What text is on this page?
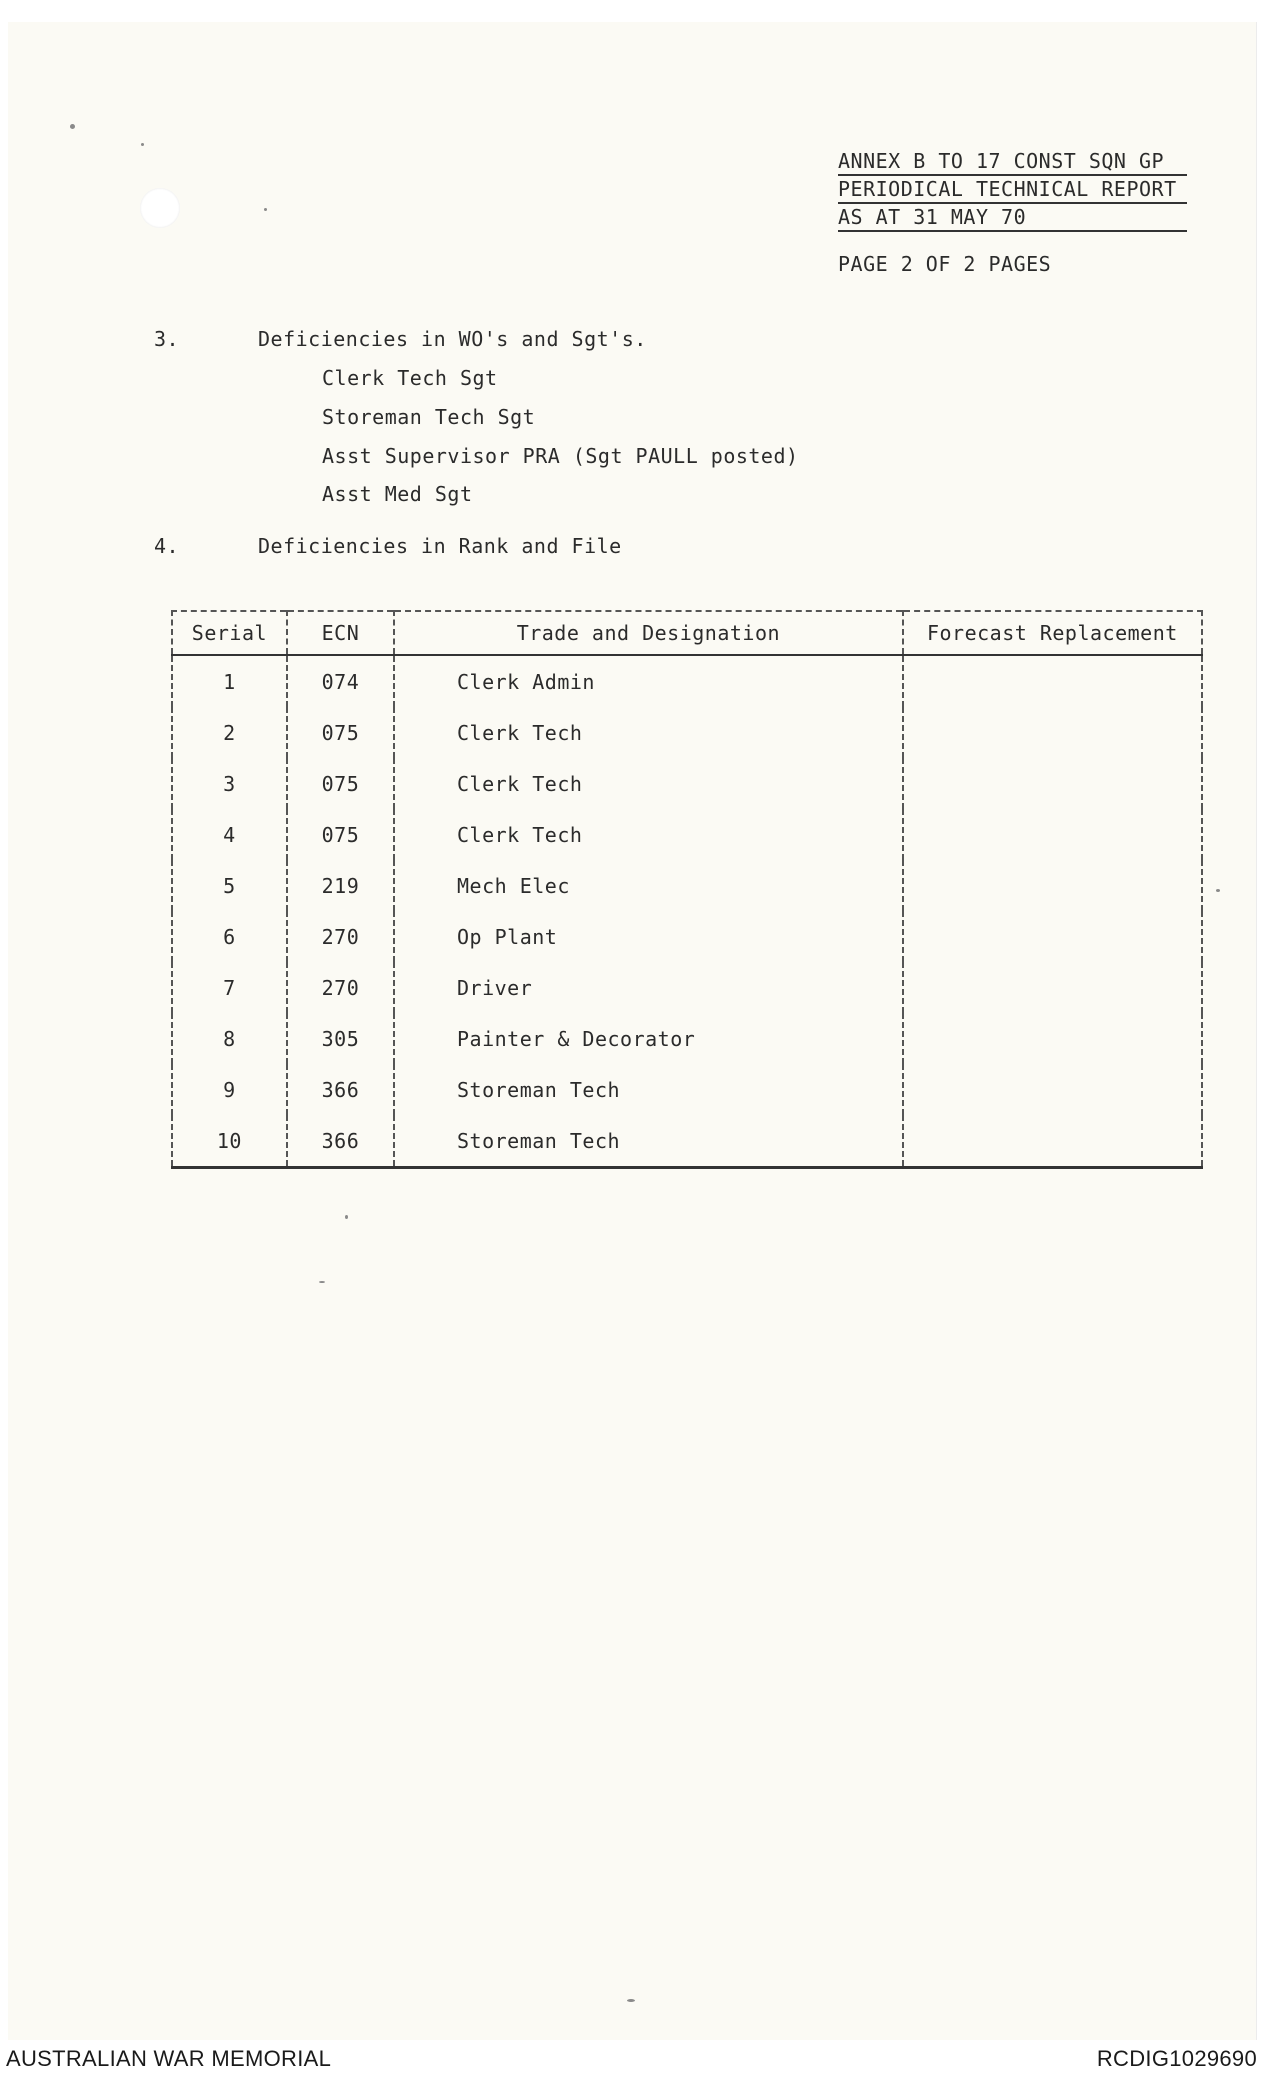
ANNEX B TO 17 CONST SQN GP
PERIODICAL TECHNICAL REPORT
AS AT 31 MAY 70
PAGE 2 OF 2 PAGES
3.	Deficiencies in WO's and Sgt's.
Clerk Tech Sgt
Storeman Tech Sgt
Asst Supervisor PRA (Sgt PAULL posted)
Asst Med Sgt
4.	Deficiencies in Rank and File
Serial	ECN	Trade and Designation	Forecast Replacement
1	074	Clerk Admin	
2	075	Clerk Tech	
3	075	Clerk Tech	
4	075	Clerk Tech	
5	219	Mech Elec	
6	270	Op Plant	
7	270	Driver	
8	305	Painter & Decorator	
9	366	Storeman Tech	
10	366	Storeman Tech	
AUSTRALIAN WAR MEMORIAL	RCDIG1029690
